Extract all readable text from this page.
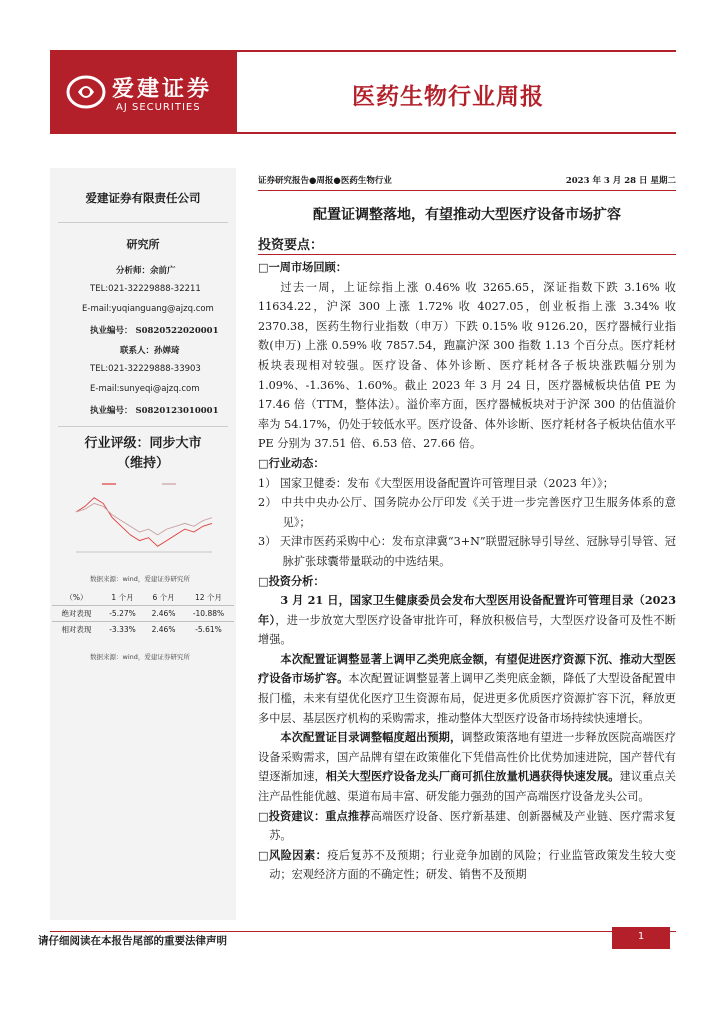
爱建证券
AJ SECURITIES	医药生物行业周报
爱建证券有限责任公司
研究所
分析师：余前广
TEL:021-32229888-32211
E-mail:yuqianguang@ajzq.com
执业编号： S0820522020001
联系人：孙婵琦
TEL:021-32229888-33903
E-mail:sunyeqi@ajzq.com
执业编号： S0820123010001
行业评级：同步大市
（维持）
数据来源：wind，爱建证券研究所
（%）	1 个月	6 个月	12 个月
绝对表现	-5.27%	2.46%	-10.88%
相对表现	-3.33%	2.46%	-5.61%
数据来源：wind，爱建证券研究所
证券研究报告●周报●医药生物行业	2023 年 3 月 28 日 星期二
配置证调整落地，有望推动大型医疗设备市场扩容
投资要点：

□一周市场回顾：

过去一周，上证综指上涨 0.46% 收 3265.65，深证指数下跌 3.16% 收 11634.22，沪深 300 上涨 1.72% 收 4027.05，创业板指上涨 3.34% 收 2370.38，医药生物行业指数（申万）下跌 0.15% 收 9126.20，医疗器械行业指数(申万) 上涨 0.59% 收 7857.54，跑赢沪深 300 指数 1.13 个百分点。医疗耗材板块表现相对较强。医疗设备、体外诊断、医疗耗材各子板块涨跌幅分别为 1.09%、-1.36%、1.60%。截止 2023 年 3 月 24 日，医疗器械板块估值 PE 为 17.46 倍（TTM，整体法）。溢价率方面，医疗器械板块对于沪深 300 的估值溢价率为 54.17%，仍处于较低水平。医疗设备、体外诊断、医疗耗材各子板块估值水平 PE 分别为 37.51 倍、6.53 倍、27.66 倍。

□行业动态：

1） 国家卫健委：发布《大型医用设备配置许可管理目录（2023 年）》；

2） 中共中央办公厅、国务院办公厅印发《关于进一步完善医疗卫生服务体系的意见》；

3） 天津市医药采购中心：发布京津冀“3+N”联盟冠脉导引导丝、冠脉导引导管、冠脉扩张球囊带量联动的中选结果。

□投资分析：

3 月 21 日，国家卫生健康委员会发布大型医用设备配置许可管理目录（2023 年），进一步放宽大型医疗设备审批许可，释放积极信号，大型医疗设备可及性不断增强。

本次配置证调整显著上调甲乙类兜底金额，有望促进医疗资源下沉、推动大型医疗设备市场扩容。本次配置证调整显著上调甲乙类兜底金额，降低了大型设备配置申报门槛，未来有望优化医疗卫生资源布局，促进更多优质医疗资源扩容下沉，释放更多中层、基层医疗机构的采购需求，推动整体大型医疗设备市场持续快速增长。

本次配置证目录调整幅度超出预期，调整政策落地有望进一步释放医院高端医疗设备采购需求，国产品牌有望在政策催化下凭借高性价比优势加速进院，国产替代有望逐渐加速，相关大型医疗设备龙头厂商可抓住放量机遇获得快速发展。建议重点关注产品性能优越、渠道布局丰富、研发能力强劲的国产高端医疗设备龙头公司。

□投资建议：重点推荐高端医疗设备、医疗新基建、创新器械及产业链、医疗需求复苏。

□风险因素：疫后复苏不及预期；行业竞争加剧的风险；行业监管政策发生较大变动；宏观经济方面的不确定性；研发、销售不及预期

请仔细阅读在本报告尾部的重要法律声明	1
